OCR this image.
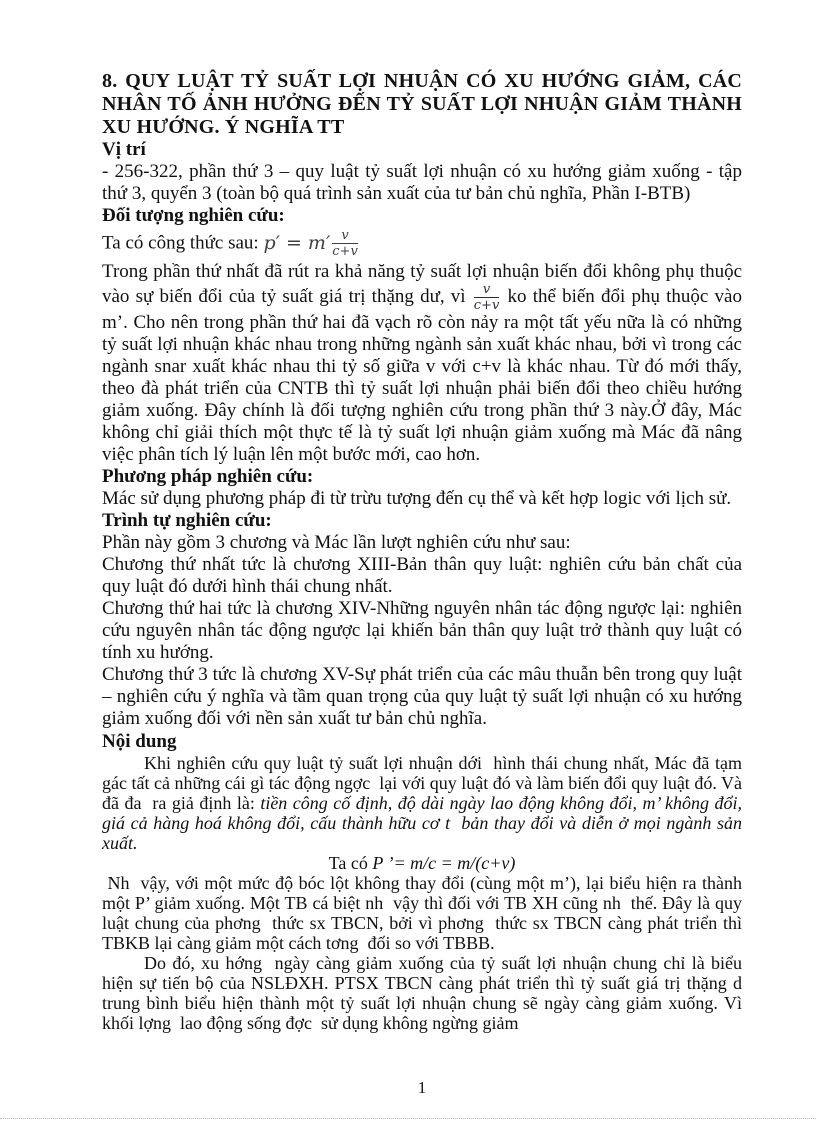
8. QUY LUẬT TỶ SUẤT LỢI NHUẬN CÓ XU HƯỚNG GIẢM, CÁC NHÂN TỐ ẢNH HƯỞNG ĐẾN TỶ SUẤT LỢI NHUẬN GIẢM THÀNH XU HƯỚNG. Ý NGHĨA TT
Vị trí

- 256-322, phần thứ 3 – quy luật tỷ suất lợi nhuận có xu hướng giảm xuống - tập thứ 3, quyển 3 (toàn bộ quá trình sản xuất của tư bản chủ nghĩa, Phần I-BTB)

Đối tượng nghiên cứu:

Ta có công thức sau: $p' = m' \frac{v}{c+v}$

Trong phần thứ nhất đã rút ra khả năng tỷ suất lợi nhuận biến đổi không phụ thuộc vào sự biến đổi của tỷ suất giá trị thặng dư, vì $\frac{v}{c+v}$ ko thể biến đổi phụ thuộc vào m’. Cho nên trong phần thứ hai đã vạch rõ còn nảy ra một tất yếu nữa là có những tỷ suất lợi nhuận khác nhau trong những ngành sản xuất khác nhau, bởi vì trong các ngành snar xuất khác nhau thi tỷ số giữa v với c+v là khác nhau. Từ đó mới thấy, theo đà phát triển của CNTB thì tỷ suất lợi nhuận phải biến đổi theo chiều hướng giảm xuống. Đây chính là đối tượng nghiên cứu trong phần thứ 3 này.Ở đây, Mác không chỉ giải thích một thực tế là tỷ suất lợi nhuận giảm xuống mà Mác đã nâng việc phân tích lý luận lên một bước mới, cao hơn.

Phương pháp nghiên cứu:

Mác sử dụng phương pháp đi từ trừu tượng đến cụ thể và kết hợp logic với lịch sử.

Trình tự nghiên cứu:

Phần này gồm 3 chương và Mác lần lượt nghiên cứu như sau:

Chương thứ nhất tức là chương XIII-Bản thân quy luật: nghiên cứu bản chất của quy luật đó dưới hình thái chung nhất.

Chương thứ hai tức là chương XIV-Những nguyên nhân tác động ngược lại: nghiên cứu nguyên nhân tác động ngược lại khiến bản thân quy luật trở thành quy luật có tính xu hướng.

Chương thứ 3 tức là chương XV-Sự phát triển của các mâu thuẫn bên trong quy luật – nghiên cứu ý nghĩa và tầm quan trọng của quy luật tỷ suất lợi nhuận có xu hướng giảm xuống đối với nền sản xuất tư bản chủ nghĩa.

Nội dung

Khi nghiên cứu quy luật tỷ suất lợi nhuận dới  hình thái chung nhất, Mác đã tạm gác tất cả những cái gì tác động ngợc  lại với quy luật đó và làm biến đổi quy luật đó. Và đã đa  ra giả định là: tiền công cố định, độ dài ngày lao động không đổi, m’ không đổi, giá cả hàng hoá không đổi, cấu thành hữu cơ t  bản thay đổi và diễn ở mọi ngành sản xuất.

Ta có P ’= m/c = m/(c+v)

Nh  vậy, với một mức độ bóc lột không thay đổi (cùng một m’), lại biểu hiện ra thành một P’ giảm xuống. Một TB cá biệt nh  vậy thì đối với TB XH cũng nh  thế. Đây là quy luật chung của phơng  thức sx TBCN, bởi vì phơng  thức sx TBCN càng phát triển thì TBKB lại càng giảm một cách tơng  đối so với TBBB.

Do đó, xu hớng  ngày càng giảm xuống của tỷ suất lợi nhuận chung chỉ là biểu hiện sự tiến bộ của NSLĐXH. PTSX TBCN càng phát triển thì tỷ suất giá trị thặng d  trung bình biểu hiện thành một tỷ suất lợi nhuận chung sẽ ngày càng giảm xuống. Vì khối lợng  lao động sống đợc  sử dụng không ngừng giảm

1
